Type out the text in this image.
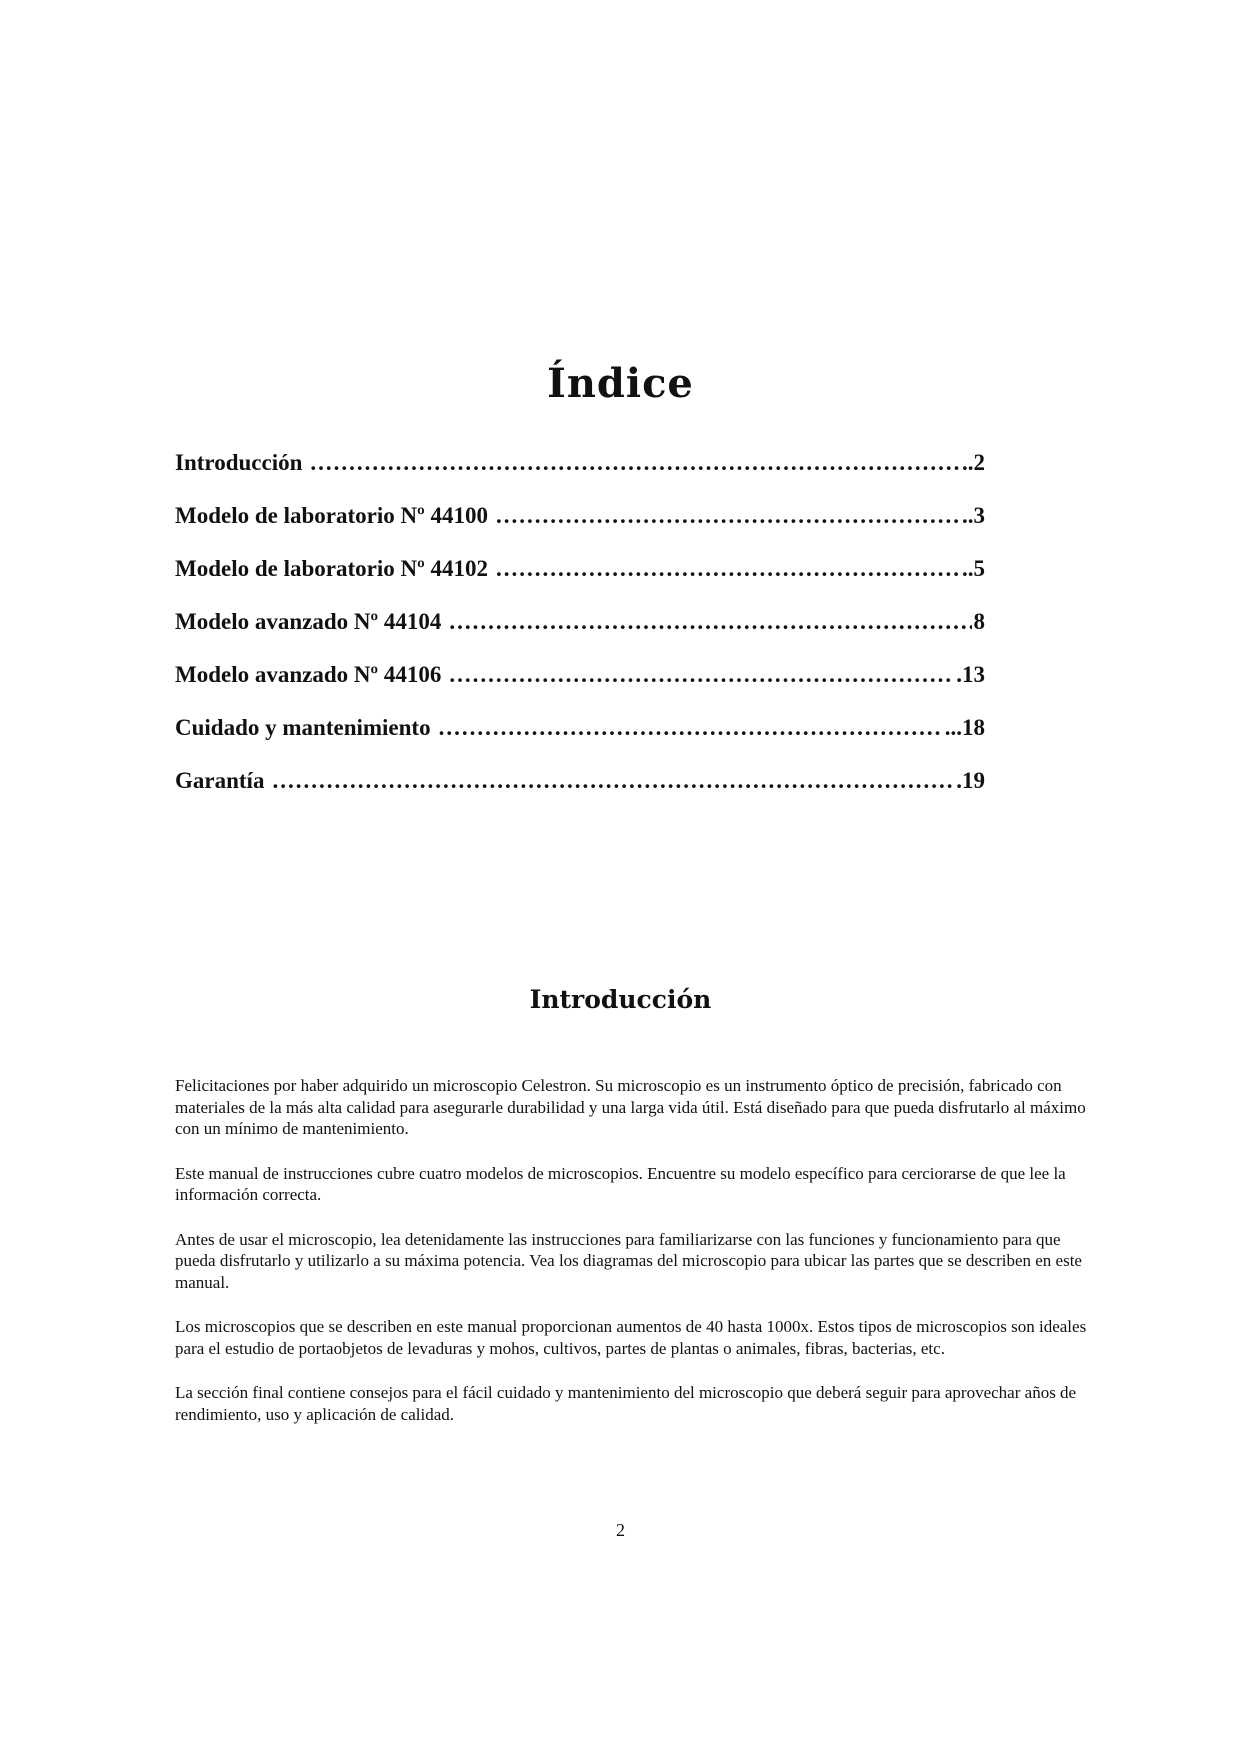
Índice
Introducción .....	..2
Modelo de laboratorio Nº 44100 .....	..3
Modelo de laboratorio Nº 44102 .....	..5
Modelo avanzado Nº 44104 .....	8
Modelo avanzado Nº 44106 .....	.13
Cuidado y mantenimiento .....	...18
Garantía .....	.19
Introducción

Felicitaciones por haber adquirido un microscopio Celestron. Su microscopio es un instrumento óptico de precisión, fabricado con materiales de la más alta calidad para asegurarle durabilidad y una larga vida útil. Está diseñado para que pueda disfrutarlo al máximo con un mínimo de mantenimiento.

Este manual de instrucciones cubre cuatro modelos de microscopios. Encuentre su modelo específico para cerciorarse de que lee la información correcta.

Antes de usar el microscopio, lea detenidamente las instrucciones para familiarizarse con las funciones y funcionamiento para que pueda disfrutarlo y utilizarlo a su máxima potencia. Vea los diagramas del microscopio para ubicar las partes que se describen en este manual.

Los microscopios que se describen en este manual proporcionan aumentos de 40 hasta 1000x. Estos tipos de microscopios son ideales para el estudio de portaobjetos de levaduras y mohos, cultivos, partes de plantas o animales, fibras, bacterias, etc.

La sección final contiene consejos para el fácil cuidado y mantenimiento del microscopio que deberá seguir para aprovechar años de rendimiento, uso y aplicación de calidad.

2
